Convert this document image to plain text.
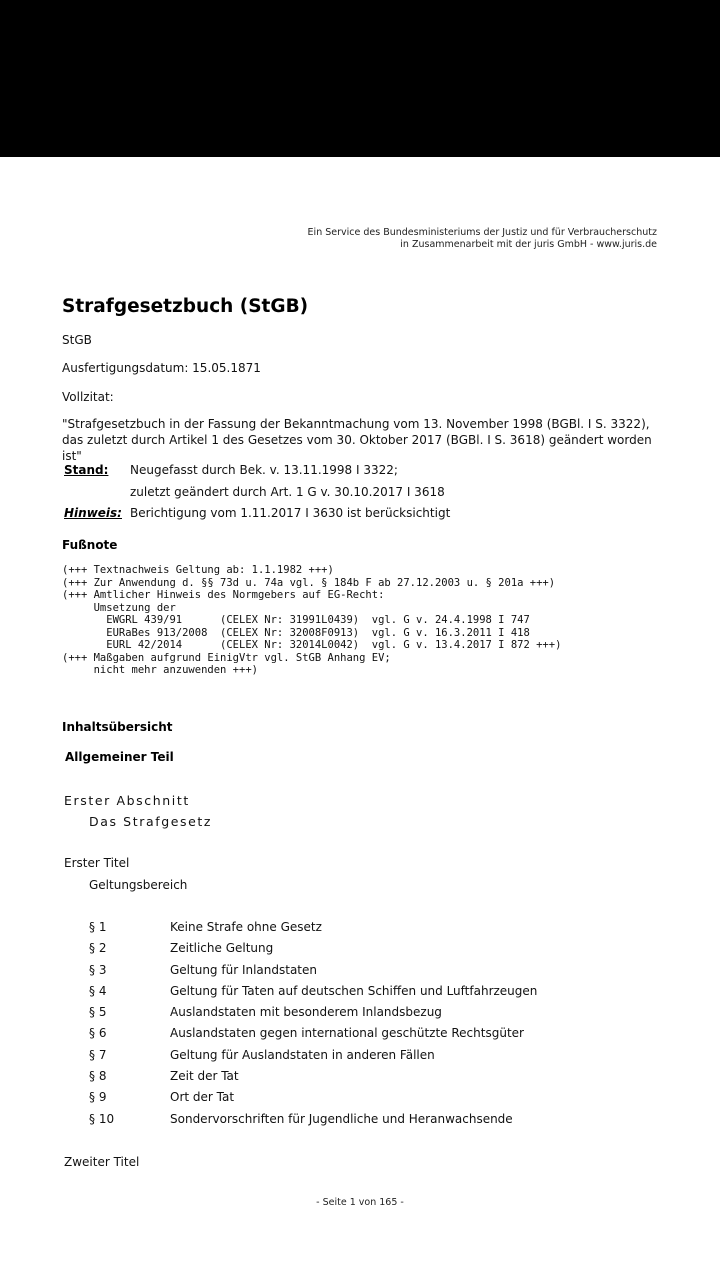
Ein Service des Bundesministeriums der Justiz und für Verbraucherschutz
in Zusammenarbeit mit der juris GmbH - www.juris.de
Strafgesetzbuch (StGB)
StGB
Ausfertigungsdatum: 15.05.1871
Vollzitat:
"Strafgesetzbuch in der Fassung der Bekanntmachung vom 13. November 1998 (BGBl. I S. 3322), das zuletzt durch Artikel 1 des Gesetzes vom 30. Oktober 2017 (BGBl. I S. 3618) geändert worden ist"
Stand: Neugefasst durch Bek. v. 13.11.1998 I 3322;
zuletzt geändert durch Art. 1 G v. 30.10.2017 I 3618
Hinweis: Berichtigung vom 1.11.2017 I 3630 ist berücksichtigt
Fußnote
(+++ Textnachweis Geltung ab: 1.1.1982 +++)
(+++ Zur Anwendung d. §§ 73d u. 74a vgl. § 184b F ab 27.12.2003 u. § 201a +++)
(+++ Amtlicher Hinweis des Normgebers auf EG-Recht:
Umsetzung der
EWGRL 439/91      (CELEX Nr: 31991L0439)  vgl. G v. 24.4.1998 I 747
EURaBes 913/2008  (CELEX Nr: 32008F0913)  vgl. G v. 16.3.2011 I 418
EURL 42/2014      (CELEX Nr: 32014L0042)  vgl. G v. 13.4.2017 I 872 +++)
(+++ Maßgaben aufgrund EinigVtr vgl. StGB Anhang EV;
nicht mehr anzuwenden +++)
Inhaltsübersicht
Allgemeiner Teil
Erster Abschnitt
Das Strafgesetz
Erster Titel
Geltungsbereich
§ 1	Keine Strafe ohne Gesetz
§ 2	Zeitliche Geltung
§ 3	Geltung für Inlandstaten
§ 4	Geltung für Taten auf deutschen Schiffen und Luftfahrzeugen
§ 5	Auslandstaten mit besonderem Inlandsbezug
§ 6	Auslandstaten gegen international geschützte Rechtsgüter
§ 7	Geltung für Auslandstaten in anderen Fällen
§ 8	Zeit der Tat
§ 9	Ort der Tat
§ 10	Sondervorschriften für Jugendliche und Heranwachsende
Zweiter Titel
- Seite 1 von 165 -
